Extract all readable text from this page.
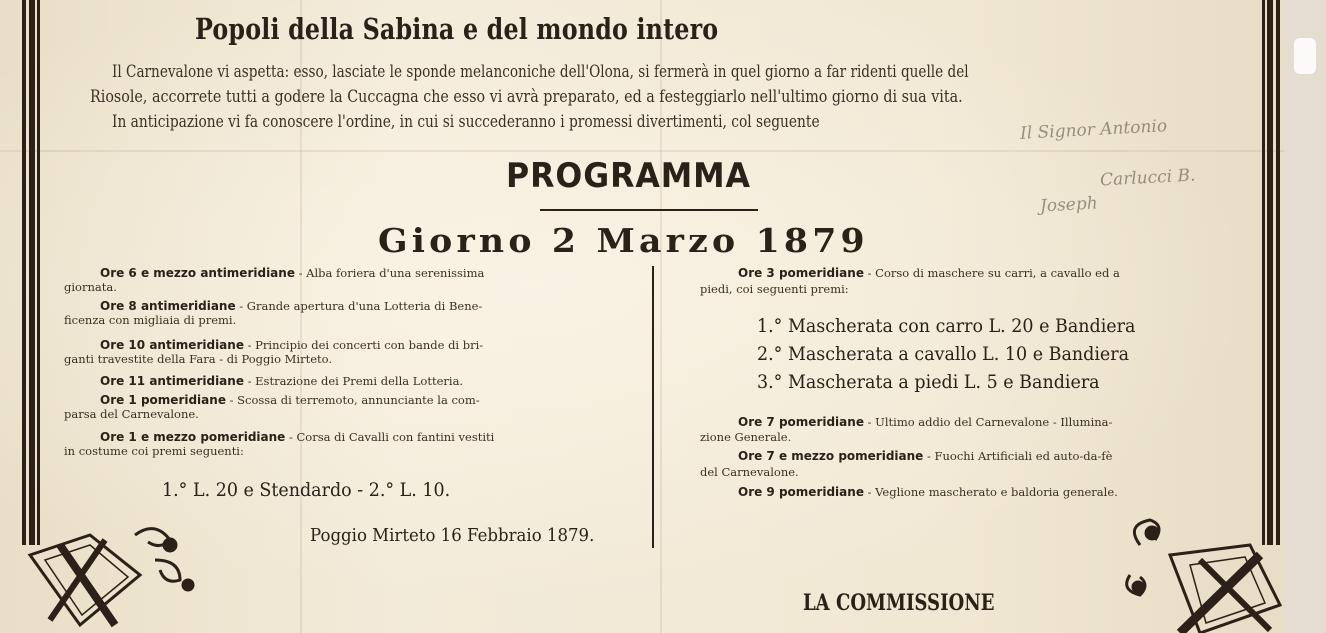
Popoli della Sabina e del mondo intero
Il Carnevalone vi aspetta: esso, lasciate le sponde melanconiche dell'Olona, si fermerà in quel giorno a far ridenti quelle del
Riosole, accorrete tutti a godere la Cuccagna che esso vi avrà preparato, ed a festeggiarlo nell'ultimo giorno di sua vita.
In anticipazione vi fa conoscere l'ordine, in cui si succederanno i promessi divertimenti, col seguente	Il Signor Antonio
Carlucci B.
Joseph
PROGRAMMA
Giorno 2 Marzo 1879
Ore 6 e mezzo antimeridiane - Alba foriera d'una serenissima
giornata.
Ore 8 antimeridiane - Grande apertura d'una Lotteria di Bene-
ficenza con migliaia di premi.
Ore 10 antimeridiane - Principio dei concerti con bande di bri-
ganti travestite della Fara - di Poggio Mirteto.
Ore 11 antimeridiane - Estrazione dei Premi della Lotteria.
Ore 1 pomeridiane - Scossa di terremoto, annunciante la com-
parsa del Carnevalone.
Ore 1 e mezzo pomeridiane - Corsa di Cavalli con fantini vestiti
in costume coi premi seguenti:
1.° L. 20 e Stendardo - 2.° L. 10.
Poggio Mirteto 16 Febbraio 1879.
Ore 3 pomeridiane - Corso di maschere su carri, a cavallo ed a
piedi, coi seguenti premi:
1.° Mascherata con carro L. 20 e Bandiera
2.° Mascherata a cavallo L. 10 e Bandiera
3.° Mascherata a piedi L. 5 e Bandiera
Ore 7 pomeridiane - Ultimo addio del Carnevalone - Illumina-
zione Generale.
Ore 7 e mezzo pomeridiane - Fuochi Artificiali ed auto-da-fè
del Carnevalone.
Ore 9 pomeridiane - Veglione mascherato e baldoria generale.
LA COMMISSIONE
